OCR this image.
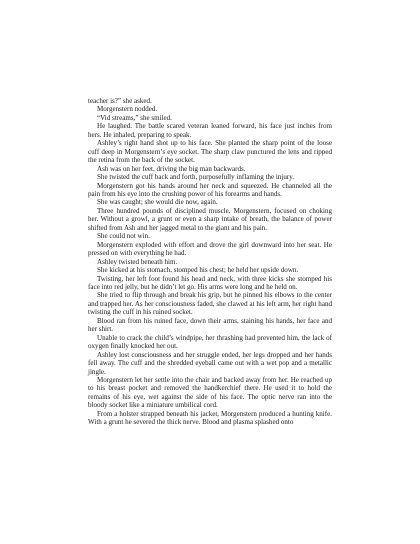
teacher is?” she asked.

Morgenstern nodded.

“Vid streams,” she smiled.

He laughed. The battle scared veteran leaned forward, his face just inches from hers. He inhaled, preparing to speak.

Ashley’s right hand shot up to his face. She planted the sharp point of the loose cuff deep in Morgenstern’s eye socket. The sharp claw punctured the lens and ripped the retina from the back of the socket.

Ash was on her feet, driving the big man backwards.

She twisted the cuff back and forth, purposefully inflaming the injury.

Morgenstern got his hands around her neck and squeezed. He channeled all the pain from his eye into the crushing power of his forearms and hands.

She was caught; she would die now, again.

Three hundred pounds of disciplined muscle, Morgenstern, focused on choking her. Without a growl, a grunt or even a sharp intake of breath, the balance of power shifted from Ash and her jagged metal to the giant and his pain.

She could not win.

Morgenstern exploded with effort and drove the girl downward into her seat. He pressed on with everything he had.

Ashley twisted beneath him.

She kicked at his stomach, stomped his chest; he held her upside down.

Twisting, her left foot found his head and neck, with three kicks she stomped his face into red jelly, but he didn’t let go. His arms were long and he held on.

She tried to flip through and break his grip, but he pinned his elbows to the center and trapped her. As her consciousness faded, she clawed at his left arm, her right hand twisting the cuff in his ruined socket.

Blood ran from his ruined face, down their arms, staining his hands, her face and her shirt.

Unable to crack the child’s windpipe, her thrashing had prevented him, the lack of oxygen finally knocked her out.

Ashley lost consciousness and her struggle ended, her legs dropped and her hands fell away. The cuff and the shredded eyeball came out with a wet pop and a metallic jingle.

Morgenstern let her settle into the chair and backed away from her. He reached up to his breast pocket and removed the handkerchief there. He used it to hold the remains of his eye, wet against the side of his face. The optic nerve ran into the bloody socket like a miniature umbilical cord.

From a holster strapped beneath his jacket, Morgenstern produced a hunting knife. With a grunt he severed the thick nerve. Blood and plasma splashed onto
